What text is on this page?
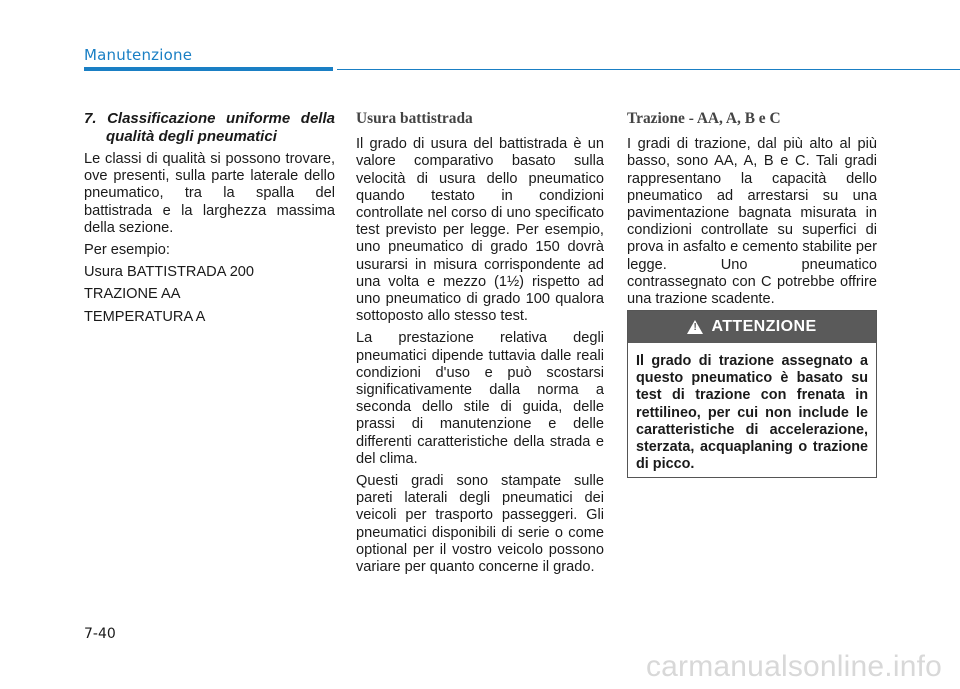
Manutenzione

7. Classificazione uniforme della qualità degli pneumatici

Le classi di qualità si possono trovare, ove presenti, sulla parte laterale dello pneumatico, tra la spalla del battistrada e la larghezza massima della sezione.

Per esempio:

Usura BATTISTRADA 200

TRAZIONE AA

TEMPERATURA A

Usura battistrada

Il grado di usura del battistrada è un valore comparativo basato sulla velocità di usura dello pneumatico quando testato in condizioni controllate nel corso di uno specificato test previsto per legge. Per esempio, uno pneumatico di grado 150 dovrà usurarsi in misura corrispondente ad una volta e mezzo (1½) rispetto ad uno pneumatico di grado 100 qualora sottoposto allo stesso test.

La prestazione relativa degli pneumatici dipende tuttavia dalle reali condizioni d'uso e può scostarsi significativamente dalla norma a seconda dello stile di guida, delle prassi di manutenzione e delle differenti caratteristiche della strada e del clima.

Questi gradi sono stampate sulle pareti laterali degli pneumatici dei veicoli per trasporto passeggeri. Gli pneumatici disponibili di serie o come optional per il vostro veicolo possono variare per quanto concerne il grado.

Trazione - AA, A, B e C

I gradi di trazione, dal più alto al più basso, sono AA, A, B e C. Tali gradi rappresentano la capacità dello pneumatico ad arrestarsi su una pavimentazione bagnata misurata in condizioni controllate su superfici di prova in asfalto e cemento stabilite per legge. Uno pneumatico contrassegnato con C potrebbe offrire una trazione scadente.

! ATTENZIONE
Il grado di trazione assegnato a questo pneumatico è basato su test di trazione con frenata in rettilineo, per cui non include le caratteristiche di accelerazione, sterzata, acquaplaning o trazione di picco.
7-40
carmanualsonline.info
